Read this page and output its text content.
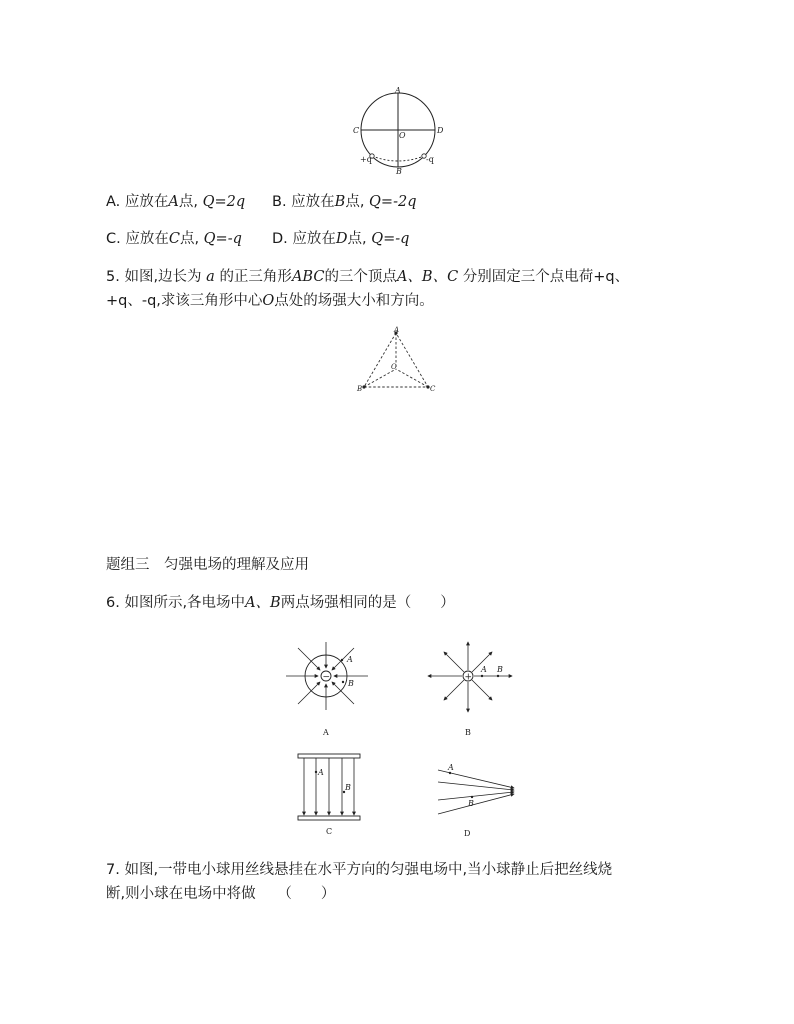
A
B
C	D
O
+q	-q
A. 应放在A点, Q=2q B. 应放在B点, Q=-2q
C. 应放在C点, Q=-q D. 应放在D点, Q=-q
5. 如图,边长为 a 的正三角形ABC的三个顶点A、B、C 分别固定三个点电荷+q、
+q、-q,求该三角形中心O点处的场强大小和方向。
A
B	C
O
题组三　匀强电场的理解及应用
6. 如图所示,各电场中A、B两点场强相同的是（　　）
−
A
B
A
+
A B
B
A
B
C
A
B
D
7. 如图,一带电小球用丝线悬挂在水平方向的匀强电场中,当小球静止后把丝线烧
断,则小球在电场中将做　　（　　）
